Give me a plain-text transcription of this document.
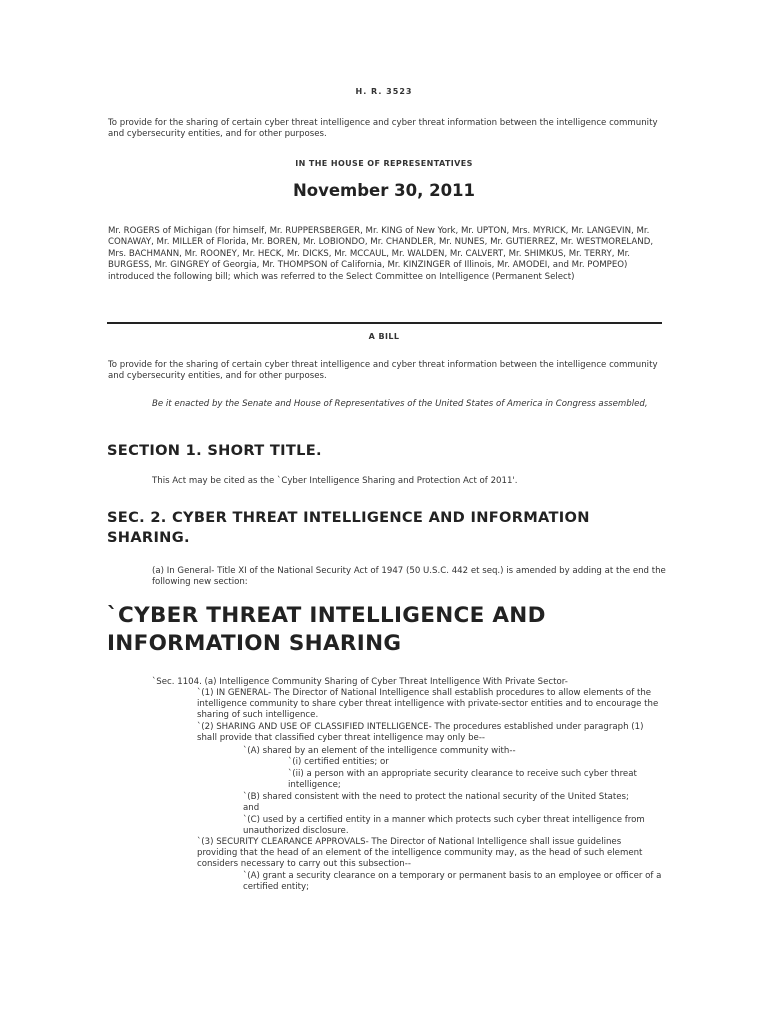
H. R. 3523
To provide for the sharing of certain cyber threat intelligence and cyber threat information between the intelligence community and cybersecurity entities, and for other purposes.
IN THE HOUSE OF REPRESENTATIVES
November 30, 2011
Mr. ROGERS of Michigan (for himself, Mr. RUPPERSBERGER, Mr. KING of New York, Mr. UPTON, Mrs. MYRICK, Mr. LANGEVIN, Mr. CONAWAY, Mr. MILLER of Florida, Mr. BOREN, Mr. LOBIONDO, Mr. CHANDLER, Mr. NUNES, Mr. GUTIERREZ, Mr. WESTMORELAND, Mrs. BACHMANN, Mr. ROONEY, Mr. HECK, Mr. DICKS, Mr. MCCAUL, Mr. WALDEN, Mr. CALVERT, Mr. SHIMKUS, Mr. TERRY, Mr. BURGESS, Mr. GINGREY of Georgia, Mr. THOMPSON of California, Mr. KINZINGER of Illinois, Mr. AMODEI, and Mr. POMPEO) introduced the following bill; which was referred to the Select Committee on Intelligence (Permanent Select)
A BILL
To provide for the sharing of certain cyber threat intelligence and cyber threat information between the intelligence community and cybersecurity entities, and for other purposes.
Be it enacted by the Senate and House of Representatives of the United States of America in Congress assembled,
SECTION 1. SHORT TITLE.
This Act may be cited as the `Cyber Intelligence Sharing and Protection Act of 2011'.
SEC. 2. CYBER THREAT INTELLIGENCE AND INFORMATION SHARING.
(a) In General- Title XI of the National Security Act of 1947 (50 U.S.C. 442 et seq.) is amended by adding at the end the following new section:
`CYBER THREAT INTELLIGENCE AND INFORMATION SHARING
`Sec. 1104. (a) Intelligence Community Sharing of Cyber Threat Intelligence With Private Sector-
`(1) IN GENERAL- The Director of National Intelligence shall establish procedures to allow elements of the intelligence community to share cyber threat intelligence with private-sector entities and to encourage the sharing of such intelligence.
`(2) SHARING AND USE OF CLASSIFIED INTELLIGENCE- The procedures established under paragraph (1) shall provide that classified cyber threat intelligence may only be--
`(A) shared by an element of the intelligence community with--
`(i) certified entities; or
`(ii) a person with an appropriate security clearance to receive such cyber threat intelligence;
`(B) shared consistent with the need to protect the national security of the United States; and
`(C) used by a certified entity in a manner which protects such cyber threat intelligence from unauthorized disclosure.
`(3) SECURITY CLEARANCE APPROVALS- The Director of National Intelligence shall issue guidelines providing that the head of an element of the intelligence community may, as the head of such element considers necessary to carry out this subsection--
`(A) grant a security clearance on a temporary or permanent basis to an employee or officer of a certified entity;
